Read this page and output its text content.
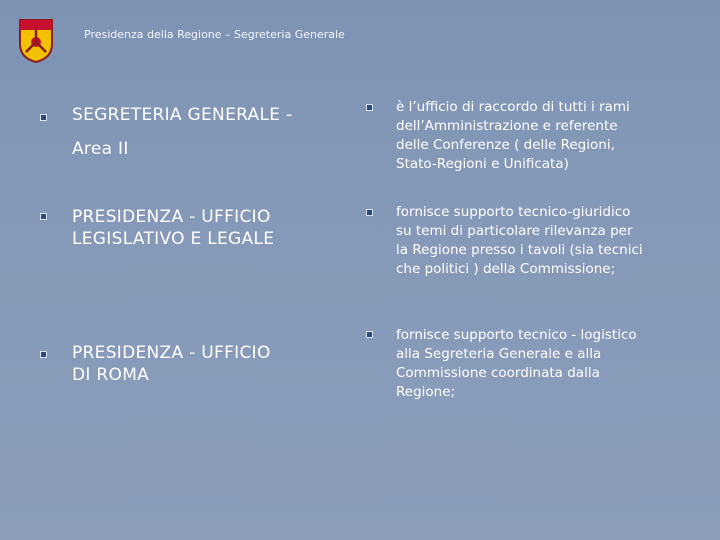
Presidenza della Regione – Segreteria Generale
SEGRETERIA GENERALE -
Area II
PRESIDENZA - UFFICIO
LEGISLATIVO E LEGALE
PRESIDENZA - UFFICIO
DI ROMA
è l’ufficio di raccordo di tutti i rami
dell’Amministrazione e referente
delle Conferenze ( delle Regioni,
Stato-Regioni e Unificata)
fornisce supporto tecnico-giuridico
su temi di particolare rilevanza per
la Regione presso i tavoli (sia tecnici
che politici ) della Commissione;
fornisce supporto tecnico - logistico
alla Segreteria Generale e alla
Commissione coordinata dalla
Regione;
